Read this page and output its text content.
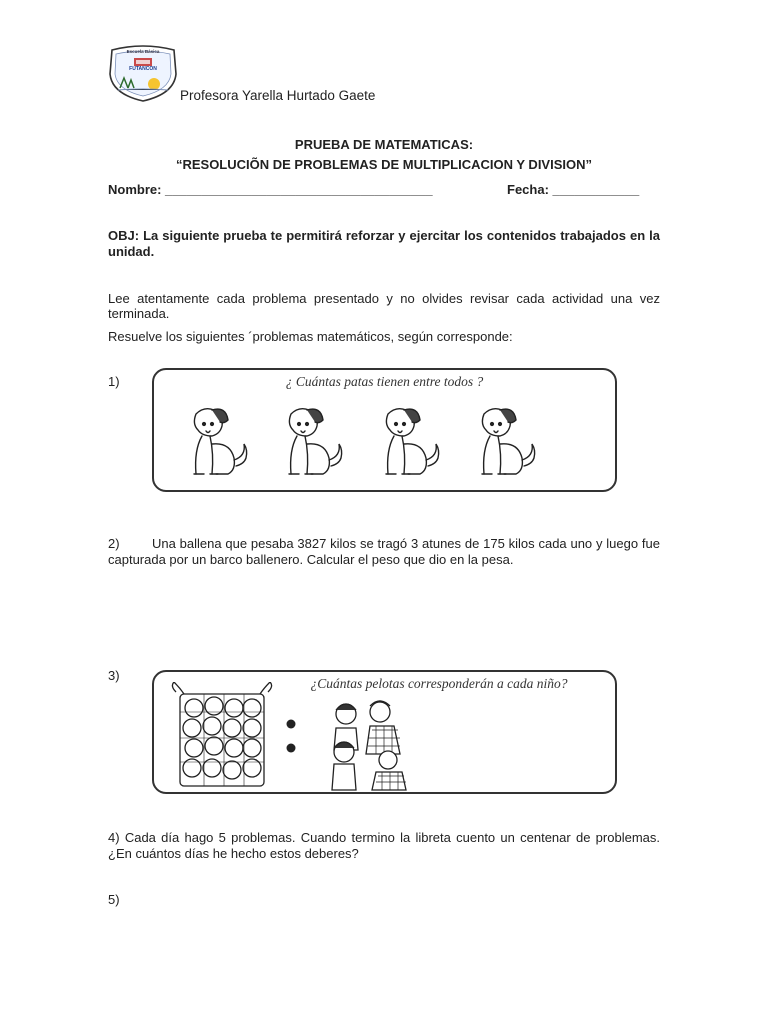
Escuela Básica
FUTANCON
Profesora Yarella Hurtado Gaete
PRUEBA DE MATEMATICAS:
“RESOLUCIÕN DE PROBLEMAS DE MULTIPLICACION Y DIVISION”
Nombre: _____________________________________	Fecha: ____________
OBJ: La siguiente prueba te permitirá reforzar y ejercitar los contenidos trabajados en la unidad.
Lee atentamente cada problema presentado y no olvides revisar cada actividad una vez terminada.
Resuelve los siguientes ´problemas matemáticos, según corresponde:
1)	¿ Cuántas patas tienen entre todos ?
2)	Una ballena que pesaba 3827 kilos se tragó 3 atunes de 175 kilos cada uno y luego fue capturada por un barco ballenero. Calcular el peso que dio en la pesa.
3)
¿Cuántas pelotas corresponderán a cada niño?
4) Cada día hago 5 problemas. Cuando termino la libreta cuento un centenar de problemas. ¿En cuántos días he hecho estos deberes?
5)
